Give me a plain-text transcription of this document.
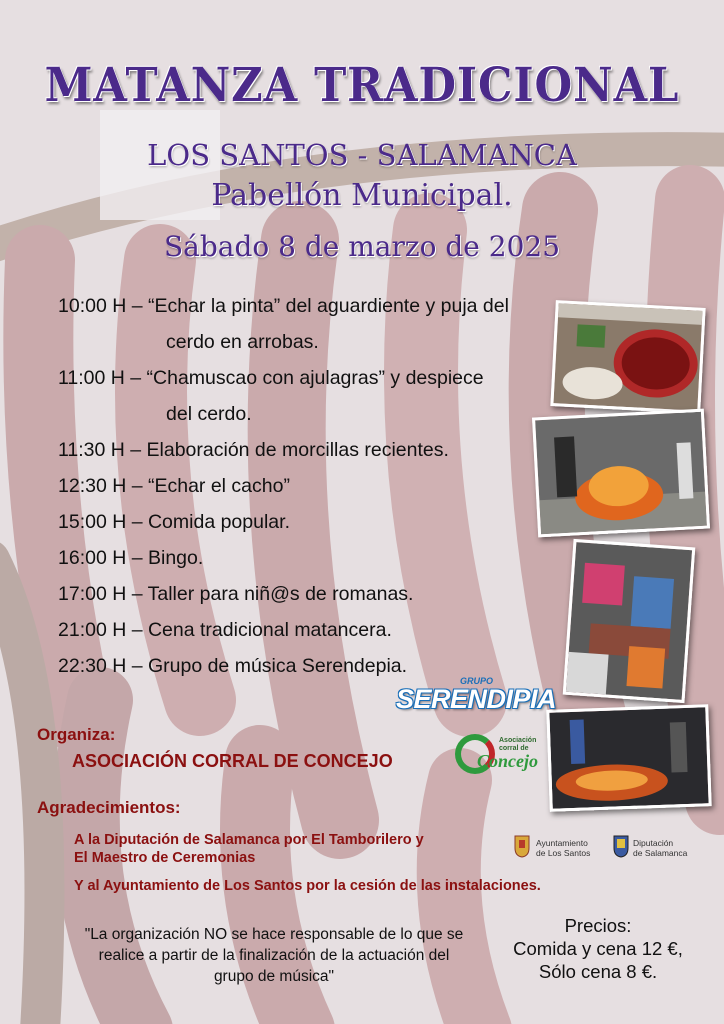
MATANZA TRADICIONAL
LOS SANTOS - SALAMANCA
Pabellón Municipal.
Sábado 8 de marzo de 2025
10:00 H – “Echar la pinta” del aguardiente y puja del
cerdo en arrobas.
11:00 H – “Chamuscao con ajulagras” y despiece
del cerdo.
11:30 H – Elaboración de morcillas recientes.
12:30 H – “Echar el cacho”
15:00 H – Comida popular.
16:00 H – Bingo.
17:00 H – Taller para niñ@s de romanas.
21:00 H – Cena tradicional matancera.
22:30 H – Grupo de música Serendepia.
GRUPO
SERENDIPIA
Organiza:
ASOCIACIÓN CORRAL DE CONCEJO
Asociación
corral de
Concejo
Agradecimientos:
A la Diputación de Salamanca por El Tamborilero y
El Maestro de Ceremonias
Y al Ayuntamiento de Los Santos por la cesión de las instalaciones.
Ayuntamiento
de Los Santos
Diputación
de Salamanca
"La organización NO se hace responsable de lo que se realice a partir de la finalización de la actuación del grupo de música"
Precios:
Comida y cena 12 €,
Sólo cena 8 €.
